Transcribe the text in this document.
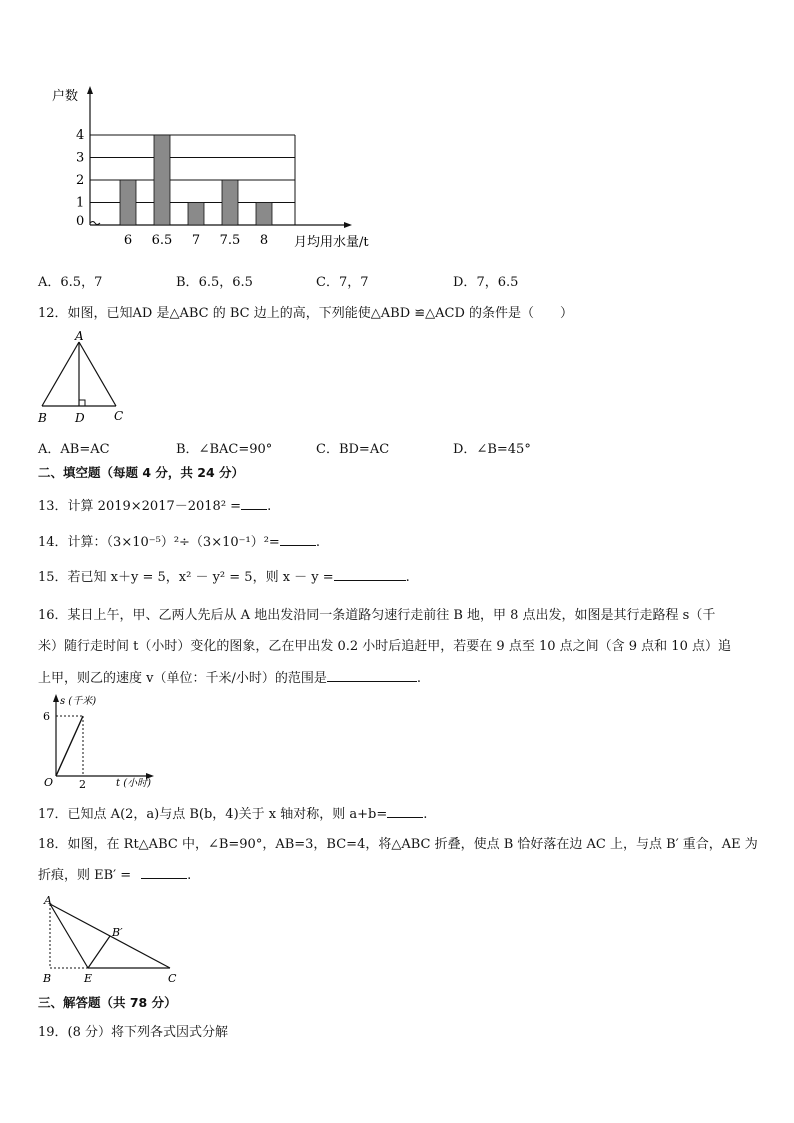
0
1
2
3
4
6 6.5 7 7.5 8
户数
月均用水量/t
A．6.5，7	B．6.5，6.5	C．7，7	D．7，6.5
12．如图，已知AD 是△ABC 的 BC 边上的高，下列能使△ABD ≌△ACD 的条件是（　　）
A
B D C
A．AB=AC	B．∠BAC=90°	C．BD=AC	D．∠B=45°
二、填空题（每题 4 分，共 24 分）
13．计算 2019×2017－2018² = .
14．计算：（3×10⁻⁵）²÷（3×10⁻¹）²=	.
15．若已知 x＋y = 5，x² － y² = 5，则 x － y =	.
16．某日上午，甲、乙两人先后从 A 地出发沿同一条道路匀速行走前往 B 地，甲 8 点出发，如图是其行走路程 s（千
米）随行走时间 t（小时）变化的图象，乙在甲出发 0.2 小时后追赶甲，若要在 9 点至 10 点之间（含 9 点和 10 点）追
上甲，则乙的速度 v（单位：千米/小时）的范围是	.
s (千米)
6
O 2	t (小时)
17．已知点 A(2，a)与点 B(b，4)关于 x 轴对称，则 a+b=	.
18．如图，在 Rt△ABC 中，∠B=90°，AB=3，BC=4，将△ABC 折叠，使点 B 恰好落在边 AC 上，与点 B′ 重合，AE 为
折痕，则 EB′ =	.
A
B′
B	E	C
三、解答题（共 78 分）
19．(8 分）将下列各式因式分解
